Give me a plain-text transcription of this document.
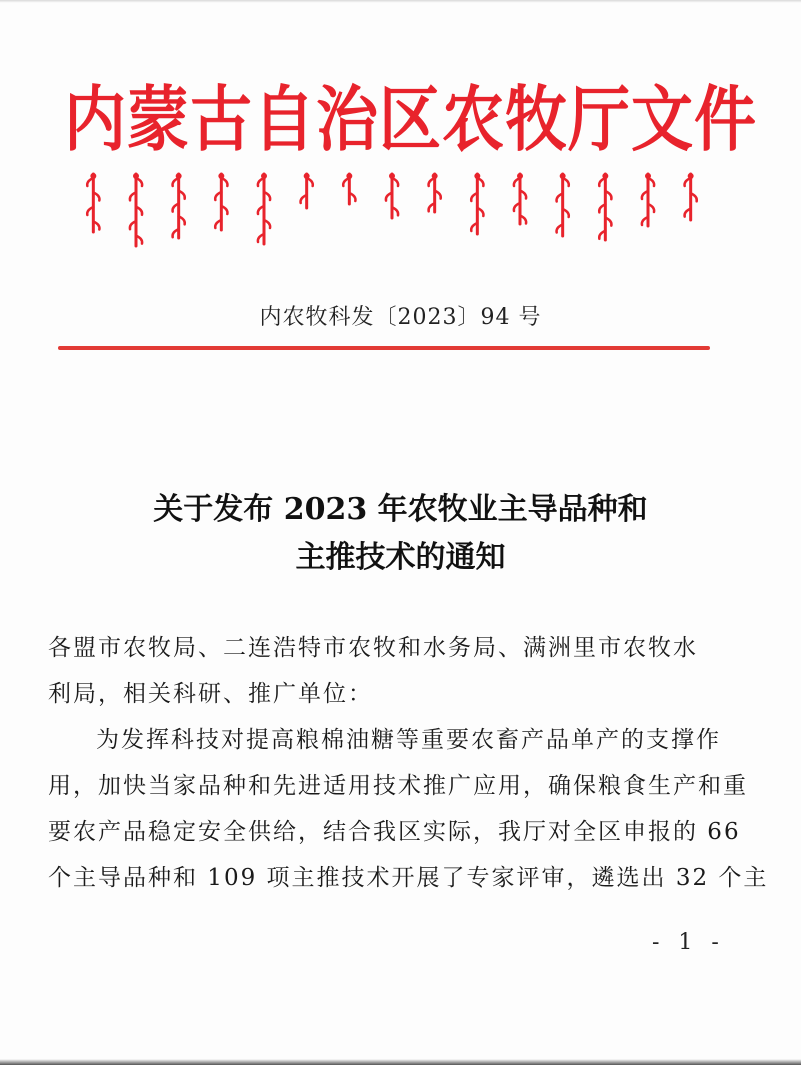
内蒙古自治区农牧厅文件
内农牧科发〔2023〕94 号
关于发布 2023 年农牧业主导品种和
主推技术的通知
各盟市农牧局、二连浩特市农牧和水务局、满洲里市农牧水
利局，相关科研、推广单位：
为发挥科技对提高粮棉油糖等重要农畜产品单产的支撑作
用，加快当家品种和先进适用技术推广应用，确保粮食生产和重
要农产品稳定安全供给，结合我区实际，我厅对全区申报的 66
个主导品种和 109 项主推技术开展了专家评审，遴选出 32 个主
- 1 -
